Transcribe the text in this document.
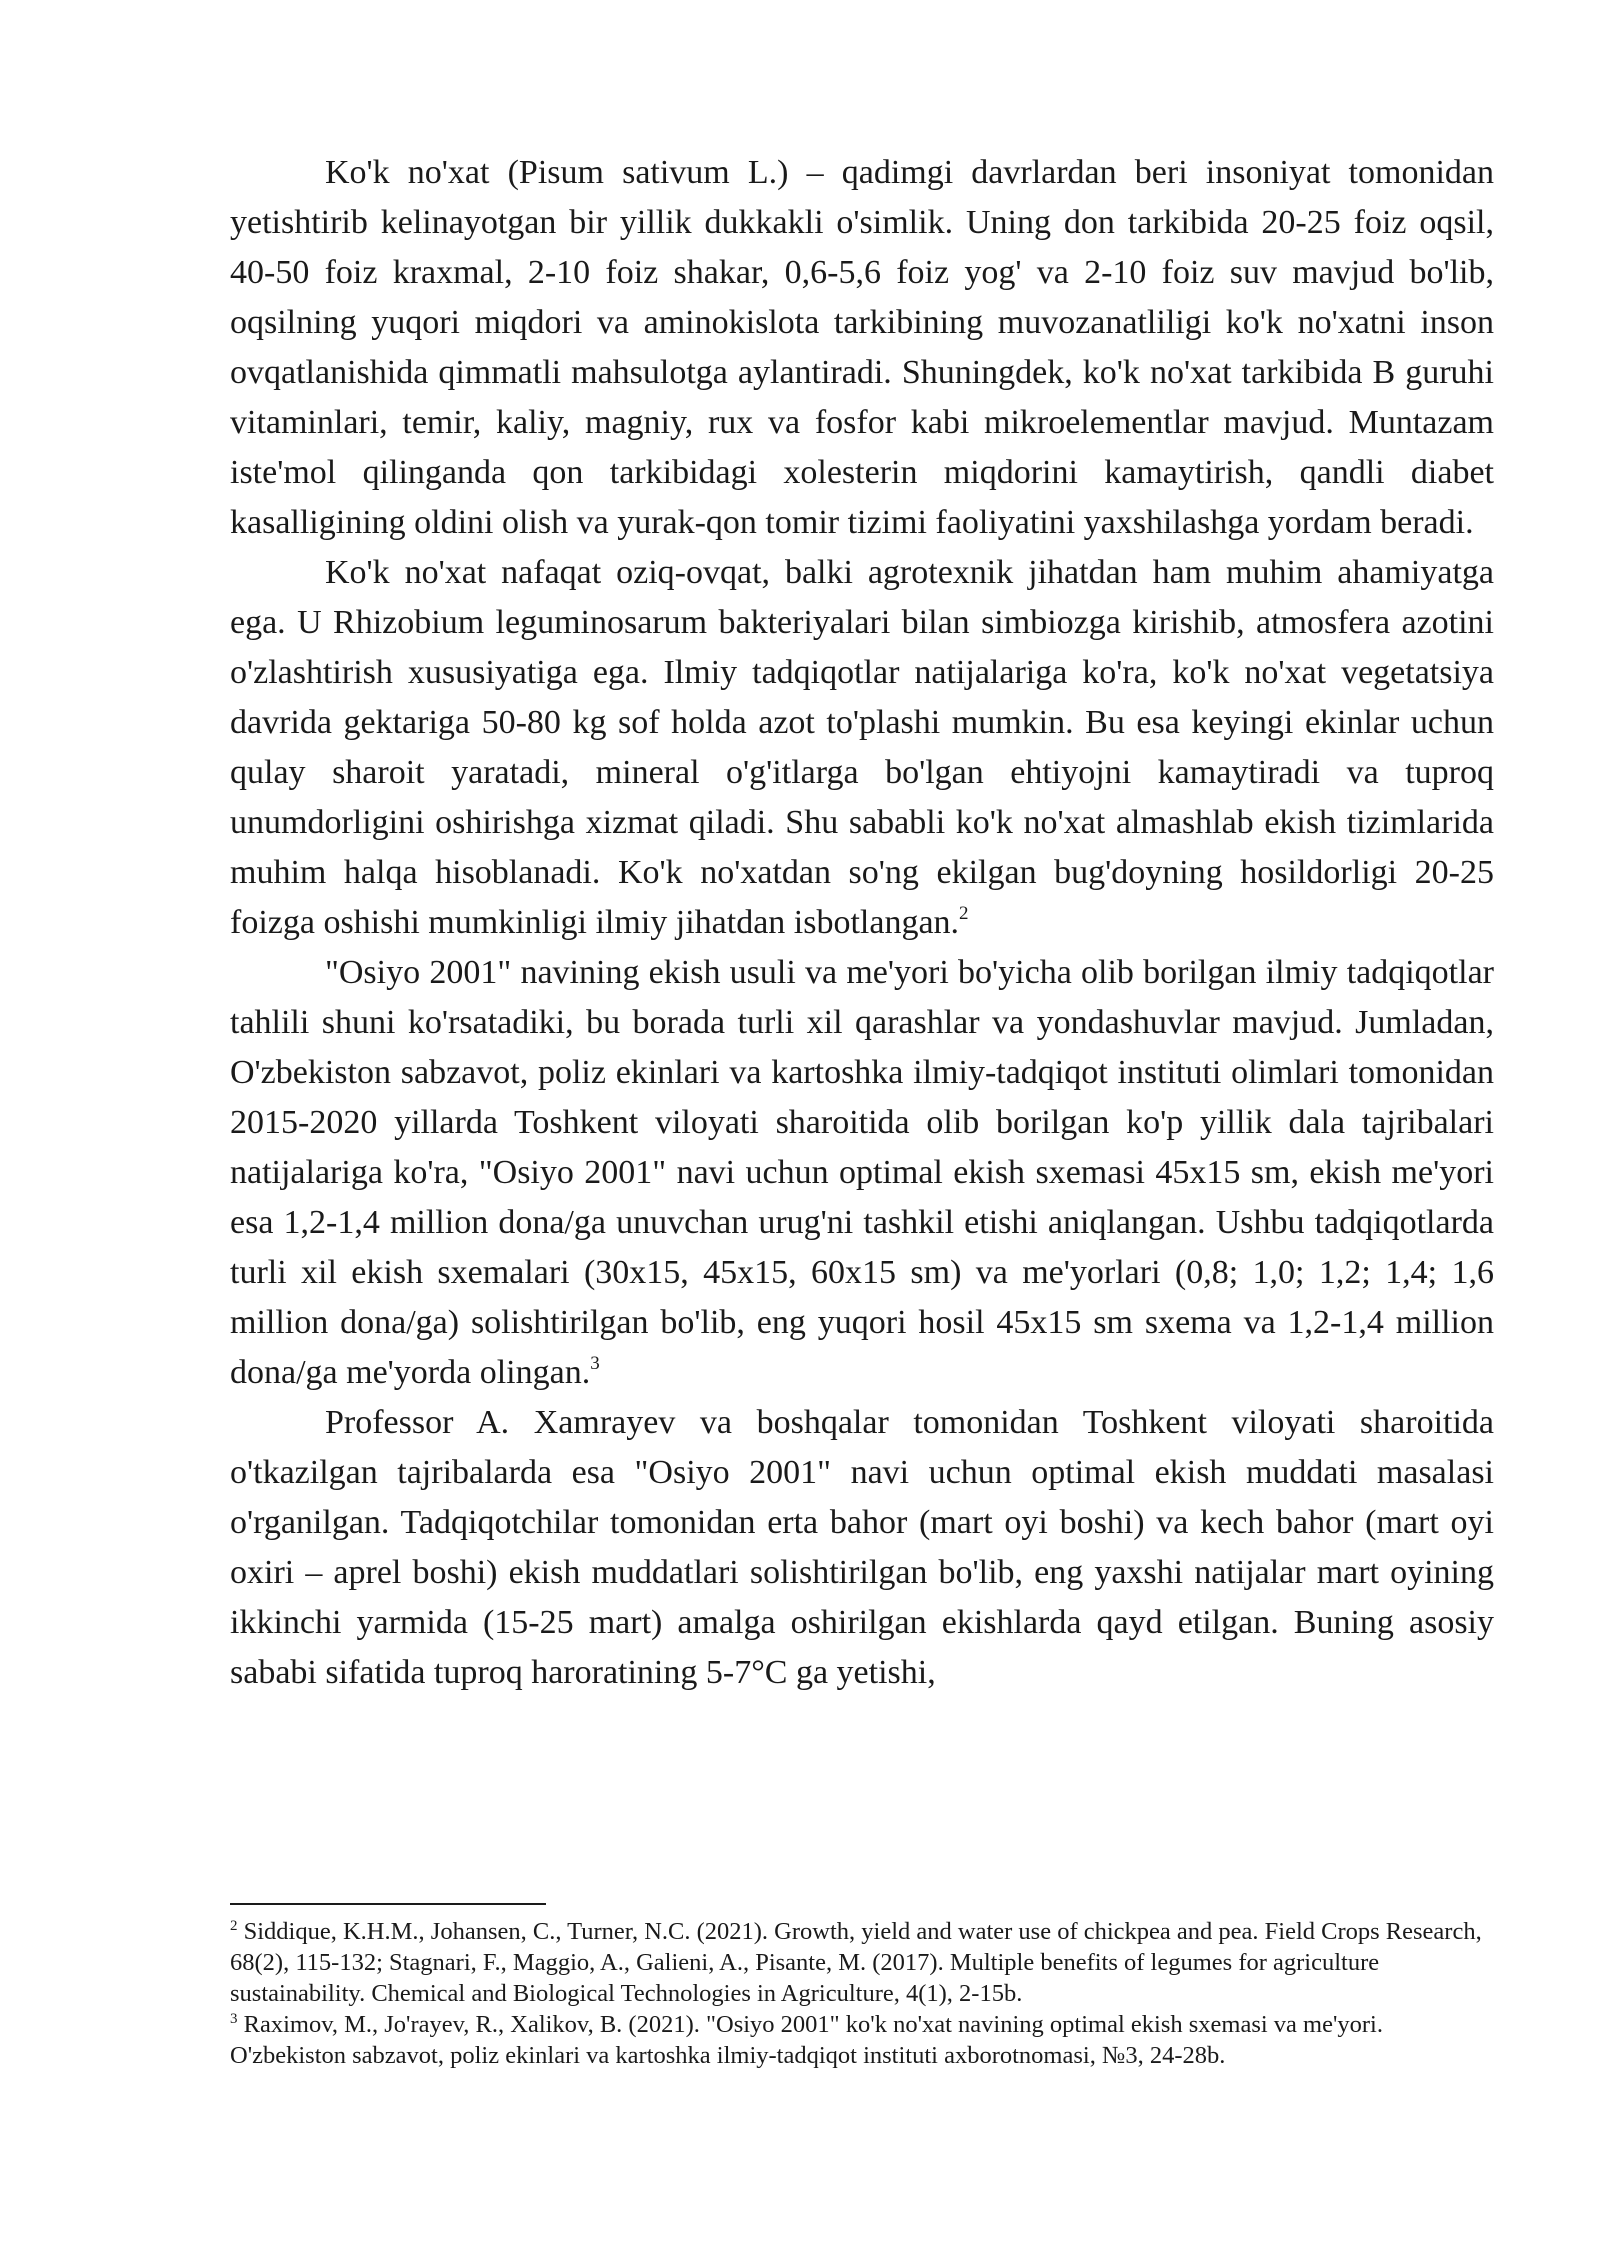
Ko'k no'xat (Pisum sativum L.) – qadimgi davrlardan beri insoniyat tomonidan yetishtirib kelinayotgan bir yillik dukkakli o'simlik. Uning don tarkibida 20-25 foiz oqsil, 40-50 foiz kraxmal, 2-10 foiz shakar, 0,6-5,6 foiz yog' va 2-10 foiz suv mavjud bo'lib, oqsilning yuqori miqdori va aminokislota tarkibining muvozanatliligi ko'k no'xatni inson ovqatlanishida qimmatli mahsulotga aylantiradi. Shuningdek, ko'k no'xat tarkibida B guruhi vitaminlari, temir, kaliy, magniy, rux va fosfor kabi mikroelementlar mavjud. Muntazam iste'mol qilinganda qon tarkibidagi xolesterin miqdorini kamaytirish, qandli diabet kasalligining oldini olish va yurak-qon tomir tizimi faoliyatini yaxshilashga yordam beradi.

Ko'k no'xat nafaqat oziq-ovqat, balki agrotexnik jihatdan ham muhim ahamiyatga ega. U Rhizobium leguminosarum bakteriyalari bilan simbiozga kirishib, atmosfera azotini o'zlashtirish xususiyatiga ega. Ilmiy tadqiqotlar natijalariga ko'ra, ko'k no'xat vegetatsiya davrida gektariga 50-80 kg sof holda azot to'plashi mumkin. Bu esa keyingi ekinlar uchun qulay sharoit yaratadi, mineral o'g'itlarga bo'lgan ehtiyojni kamaytiradi va tuproq unumdorligini oshirishga xizmat qiladi. Shu sababli ko'k no'xat almashlab ekish tizimlarida muhim halqa hisoblanadi. Ko'k no'xatdan so'ng ekilgan bug'doyning hosildorligi 20-25 foizga oshishi mumkinligi ilmiy jihatdan isbotlangan.$^2$

"Osiyo 2001" navining ekish usuli va me'yori bo'yicha olib borilgan ilmiy tadqiqotlar tahlili shuni ko'rsatadiki, bu borada turli xil qarashlar va yondashuvlar mavjud. Jumladan, O'zbekiston sabzavot, poliz ekinlari va kartoshka ilmiy-tadqiqot instituti olimlari tomonidan 2015-2020 yillarda Toshkent viloyati sharoitida olib borilgan ko'p yillik dala tajribalari natijalariga ko'ra, "Osiyo 2001" navi uchun optimal ekish sxemasi 45x15 sm, ekish me'yori esa 1,2-1,4 million dona/ga unuvchan urug'ni tashkil etishi aniqlangan. Ushbu tadqiqotlarda turli xil ekish sxemalari (30x15, 45x15, 60x15 sm) va me'yorlari (0,8; 1,0; 1,2; 1,4; 1,6 million dona/ga) solishtirilgan bo'lib, eng yuqori hosil 45x15 sm sxema va 1,2-1,4 million dona/ga me'yorda olingan.$^3$

Professor A. Xamrayev va boshqalar tomonidan Toshkent viloyati sharoitida o'tkazilgan tajribalarda esa "Osiyo 2001" navi uchun optimal ekish muddati masalasi o'rganilgan. Tadqiqotchilar tomonidan erta bahor (mart oyi boshi) va kech bahor (mart oyi oxiri – aprel boshi) ekish muddatlari solishtirilgan bo'lib, eng yaxshi natijalar mart oyining ikkinchi yarmida (15-25 mart) amalga oshirilgan ekishlarda qayd etilgan. Buning asosiy sababi sifatida tuproq haroratining 5-7°C ga yetishi,

$^2$ Siddique, K.H.M., Johansen, C., Turner, N.C. (2021). Growth, yield and water use of chickpea and pea. Field Crops Research, 68(2), 115-132; Stagnari, F., Maggio, A., Galieni, A., Pisante, M. (2017). Multiple benefits of legumes for agriculture sustainability. Chemical and Biological Technologies in Agriculture, 4(1), 2-15b.

$^3$ Raximov, M., Jo'rayev, R., Xalikov, B. (2021). "Osiyo 2001" ko'k no'xat navining optimal ekish sxemasi va me'yori. O'zbekiston sabzavot, poliz ekinlari va kartoshka ilmiy-tadqiqot instituti axborotnomasi, №3, 24-28b.
